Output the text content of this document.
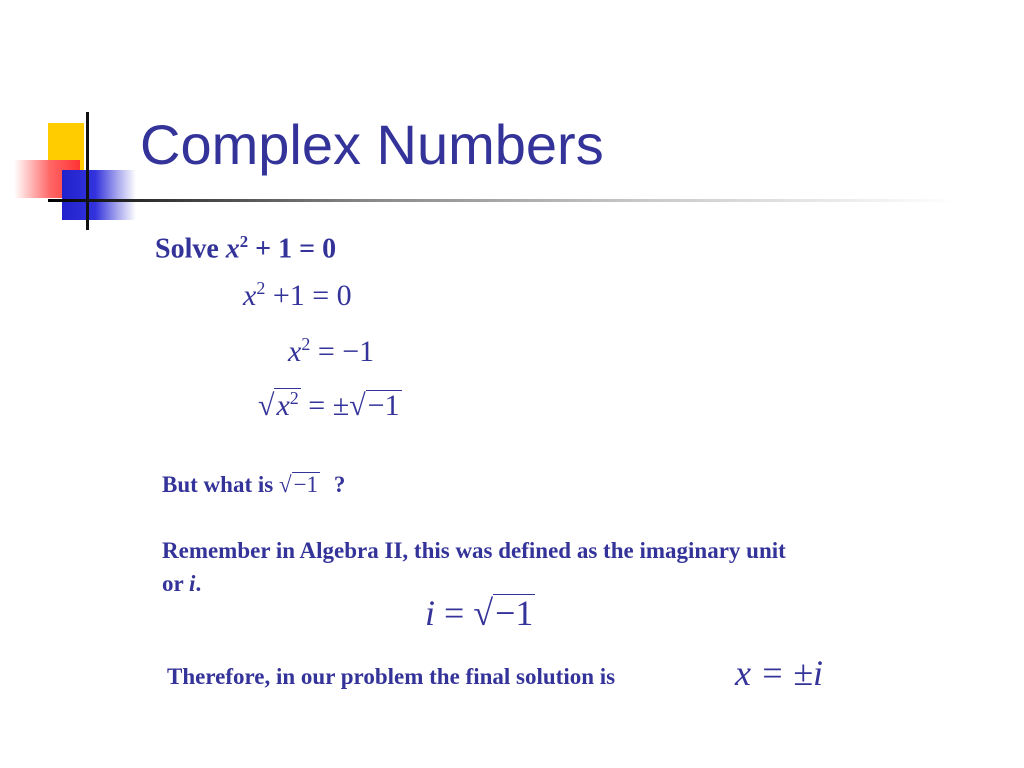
Complex Numbers
Solve $x^2 + 1 = 0$
$x^2 +1 = 0$
$x^2 = -1$
$√x^2 = \pm√-1$
But what is √−1 ?
Remember in Algebra II, this was defined as the imaginary unit
or i.
i = √−1
Therefore, in our problem the final solution is	x = ±i
